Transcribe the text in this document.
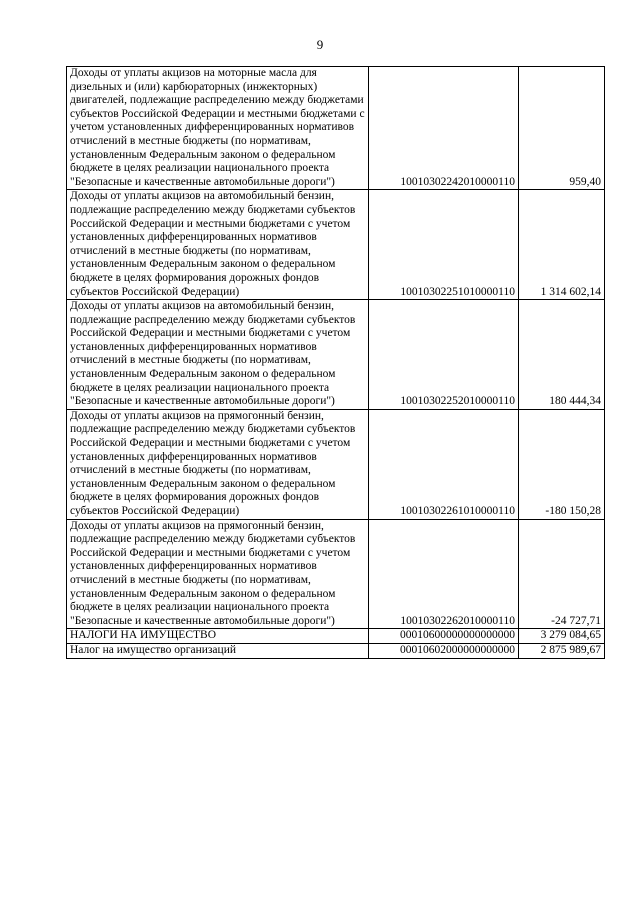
9
Доходы от уплаты акцизов на моторные масла для дизельных и (или) карбюраторных (инжекторных) двигателей, подлежащие распределению между бюджетами субъектов Российской Федерации и местными бюджетами с учетом установленных дифференцированных нормативов отчислений в местные бюджеты (по нормативам, установленным Федеральным законом о федеральном бюджете в целях реализации национального проекта "Безопасные и качественные автомобильные дороги")	10010302242010000110	959,40
Доходы от уплаты акцизов на автомобильный бензин, подлежащие распределению между бюджетами субъектов Российской Федерации и местными бюджетами с учетом установленных дифференцированных нормативов отчислений в местные бюджеты (по нормативам, установленным Федеральным законом о федеральном бюджете в целях формирования дорожных фондов субъектов Российской Федерации)	10010302251010000110	1 314 602,14
Доходы от уплаты акцизов на автомобильный бензин, подлежащие распределению между бюджетами субъектов Российской Федерации и местными бюджетами с учетом установленных дифференцированных нормативов отчислений в местные бюджеты (по нормативам, установленным Федеральным законом о федеральном бюджете в целях реализации национального проекта "Безопасные и качественные автомобильные дороги")	10010302252010000110	180 444,34
Доходы от уплаты акцизов на прямогонный бензин, подлежащие распределению между бюджетами субъектов Российской Федерации и местными бюджетами с учетом установленных дифференцированных нормативов отчислений в местные бюджеты (по нормативам, установленным Федеральным законом о федеральном бюджете в целях формирования дорожных фондов субъектов Российской Федерации)	10010302261010000110	-180 150,28
Доходы от уплаты акцизов на прямогонный бензин, подлежащие распределению между бюджетами субъектов Российской Федерации и местными бюджетами с учетом установленных дифференцированных нормативов отчислений в местные бюджеты (по нормативам, установленным Федеральным законом о федеральном бюджете в целях реализации национального проекта "Безопасные и качественные автомобильные дороги")	10010302262010000110	-24 727,71
НАЛОГИ НА ИМУЩЕСТВО	00010600000000000000	3 279 084,65
Налог на имущество организаций	00010602000000000000	2 875 989,67
